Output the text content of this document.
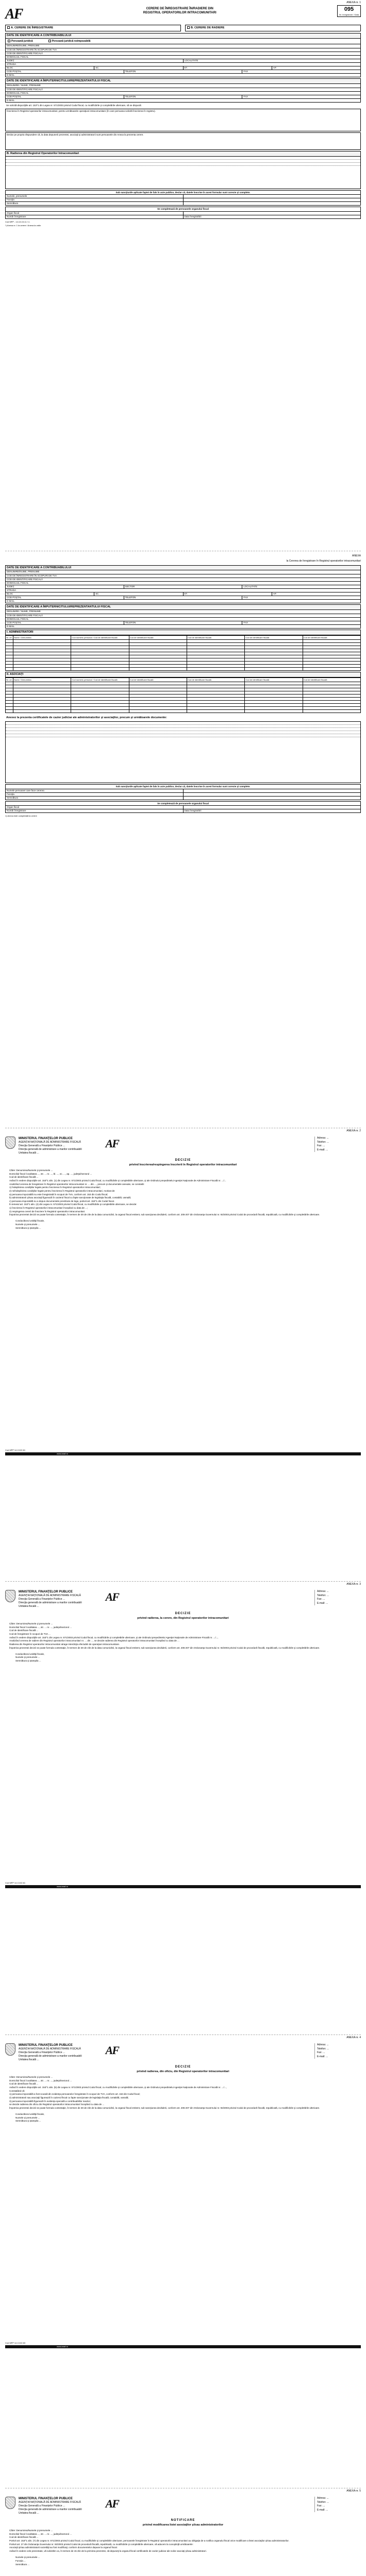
ANEXA nr. 1
AF	CERERE DE ÎNREGISTRARE ÎN/RADIERE DIN
REGISTRUL OPERATORILOR INTRACOMUNITARI
095
Nr. înregistrare / Data
A. CERERE DE ÎNREGISTRARE	B. CERERE DE RADIERE
DATE DE IDENTIFICARE A CONTRIBUABILULUI
Persoană juridică	Persoană juridică neimpozabilă
DENUMIRE/NUME, PRENUME
COD DE ÎNREGISTRARE ÎN SCOPURI DE TVA
COD DE IDENTIFICARE FISCALĂ
DOMICILIUL FISCAL
JUDEŢ	LOCALITATE
STRADA
BLOC	SC.	ET.	AP.
COD POŞTAL	TELEFON	FAX
E-MAIL
DATE DE IDENTIFICARE A ÎMPUTERNICITULUI/REPREZENTANTULUI FISCAL
DENUMIRE / NUME, PRENUME
COD DE IDENTIFICARE FISCALĂ
DOMICILIUL FISCAL
COD POŞTAL	TELEFON	FAX
E-MAIL
Se solicită dispoziţiile art. 153^1 din Legea nr. 571/2003 privind Codul fiscal, cu modificările şi completările ulterioare, să se dispună:
Înscrierea în Registrul operatorilor intracomunitari, pentru următoarele operaţiuni intracomunitare (în care persoana solicită înscrierea în registru).
Declar pe propria răspundere că, la data depunerii prezentei, asociaţii şi administratorii sunt persoanele din Anexa la prezenta cerere.
B. Radierea din Registrul Operatorilor Intracomunitari
Sub sancţiunile aplicate faptei de fals în acte publice, declar că, datele înscrise în acest formular sunt corecte şi complete.
Numele, prenumele
Funcţia
Semnătura
Se completează de persoanele organului fiscal
Organ fiscal
Număr înregistrare	Data înregistrării
Cod MFP - 14.13.15.11 / i.i.
*) Anexa nr. 1 la cerere / Anexa la ordin
ANEXA
la Cererea de înregistrare în Registrul operatorilor intracomunitari
DATE DE IDENTIFICARE A CONTRIBUABILULUI
DENUMIRE/NUME, PRENUME
COD DE ÎNREGISTRARE ÎN SCOPURI DE TVA
COD DE IDENTIFICARE FISCALĂ
DOMICILIUL FISCAL
JUDEŢ	SECTOR	LOCALITATE
STRADA
BLOC	SC.	ET.	AP.
COD POŞTAL	TELEFON	FAX
E-MAIL
DATE DE IDENTIFICARE A ÎMPUTERNICITULUI/REPREZENTANTULUI FISCAL
DENUMIRE / NUME, PRENUME
COD DE IDENTIFICARE FISCALĂ
DOMICILIUL FISCAL
COD POŞTAL	TELEFON	FAX
E-MAIL
I. ADMINISTRATORI
Nr. crt. Nume / Denumirea	Cod numeric personal / Cod de identificare fiscală	Cod de identificare fiscală	Cod de identificare fiscală	Cod de identificare fiscală	Cod de identificare fiscală
II. ASOCIAŢI
Nr. crt. Nume / Denumirea	Cod numeric personal / Cod de identificare fiscală	Cod de identificare fiscală	Cod de identificare fiscală	Cod de identificare fiscală	Cod de identificare fiscală
Anexez la prezenta certificatele de cazier judiciar ale administratorilor şi asociaţilor, precum şi următoarele documente:
Sub sancţiunile aplicate faptei de fals în acte publice, declar că, datele înscrise în acest formular sunt corecte şi complete.
Numele persoanei care face cererea
Funcţia
Semnătura
Se completează de persoanele organului fiscal
Organ fiscal
Număr înregistrare	Data înregistrării
1) Anexa este completată la cerere
ANEXA nr. 2
MINISTERUL FINANŢELOR PUBLICE
AGENŢIA NAŢIONALĂ DE ADMINISTRARE FISCALĂ
Direcţia Generală a Finanţelor Publice ...
Direcţia generală de administrare a marilor contribuabili
Unitatea fiscală ...
AF	Adresa: ...
Telefon: ...
Fax: ...
E-mail: ...
DECIZIE
privind înscrierea/respingerea înscrierii în Registrul operatorilor intracomunitari
Către: Denumirea/Numele şi prenumele ...
Domiciliul fiscal: localitatea ..., str. ... nr. ..., bl. ..., sc. ..., ap. ..., judeţul/sectorul ...
Cod de identificare fiscală ...
Având în vedere dispoziţiile art. 153^1 alin. (1) din Legea nr. 571/2003 privind Codul fiscal, cu modificările şi completările ulterioare, şi ale Ordinului preşedintelui Agenţiei Naţionale de Administrare Fiscală nr. .../...
Analizând cererea de înregistrare în Registrul operatorilor intracomunitari nr. ... din ..., precum şi documentele anexate, se constată:
1) îndeplinirea condiţiilor legale pentru înscrierea în Registrul operatorilor intracomunitari;
2) neîndeplinirea condiţiilor legale pentru înscrierea în Registrul operatorilor intracomunitari, motivat de:
a) persoana impozabilă nu este înregistrată în scopuri de TVA, conform art. 153 din Codul fiscal;
b) administratorii şi/sau asociaţii figurează în cazierul fiscal cu fapte sancţionate de legislaţia fiscală, contabilă, vamală;
c) persoana impozabilă nu a depus documentele prevăzute de lege, potrivit art. 153^1 din Codul fiscal.
În temeiul art. 153^1 alin. (4) din Legea nr. 571/2003 privind Codul fiscal, cu modificările şi completările ulterioare, se decide:
1) înscrierea în Registrul operatorilor intracomunitari începând cu data de ...;
2) respingerea cererii de înscriere în Registrul operatorilor intracomunitari.
Împotriva prezentei decizii se poate formula contestaţie, în termen de 30 de zile de la data comunicării, la organul fiscal emitent, sub sancţiunea decăderii, conform art. 205-207 din Ordonanţa Guvernului nr. 92/2003 privind Codul de procedură fiscală, republicată, cu modificările şi completările ulterioare.
Conducătorul unităţii fiscale,
Numele şi prenumele ...
Semnătura şi ştampila ...
Cod MFP 14.13.02.61
www.anaf.ro
ANEXA nr. 3
MINISTERUL FINANŢELOR PUBLICE
AGENŢIA NAŢIONALĂ DE ADMINISTRARE FISCALĂ
Direcţia Generală a Finanţelor Publice ...
Direcţia generală de administrare a marilor contribuabili
Unitatea fiscală ...
AF	Adresa: ...
Telefon: ...
Fax: ...
E-mail: ...
DECIZIE
privind radierea, la cerere, din Registrul operatorilor intracomunitari
Către: Denumirea/Numele şi prenumele ...
Domiciliul fiscal: localitatea ..., str. ... nr. ..., judeţul/sectorul ...
Cod de identificare fiscală ...
Cod de înregistrare în scopuri de TVA ...
Având în vedere dispoziţiile art. 153^1 din Legea nr. 571/2003 privind Codul fiscal, cu modificările şi completările ulterioare, şi ale Ordinului preşedintelui Agenţiei Naţionale de Administrare Fiscală nr. .../...,
Analizând cererea de radiere din Registrul operatorilor intracomunitari nr. ... din ..., se decide radierea din Registrul operatorilor intracomunitari începând cu data de ...
Radierea din Registrul operatorilor intracomunitari atrage interdicţia efectuării de operaţiuni intracomunitare.
Împotriva prezentei decizii se poate formula contestaţie, în termen de 30 de zile de la data comunicării, la organul fiscal emitent, sub sancţiunea decăderii, conform art. 205-207 din Ordonanţa Guvernului nr. 92/2003 privind Codul de procedură fiscală, republicată, cu modificările şi completările ulterioare.
Conducătorul unităţii fiscale,
Numele şi prenumele ...
Semnătura şi ştampila ...
Cod MFP 14.13.02.61
www.anaf.ro
ANEXA nr. 4
MINISTERUL FINANŢELOR PUBLICE
AGENŢIA NAŢIONALĂ DE ADMINISTRARE FISCALĂ
Direcţia Generală a Finanţelor Publice ...
Direcţia generală de administrare a marilor contribuabili
Unitatea fiscală ...
AF	Adresa: ...
Telefon: ...
Fax: ...
E-mail: ...
DECIZIE
privind radierea, din oficiu, din Registrul operatorilor intracomunitari
Către: Denumirea/Numele şi prenumele ...
Domiciliul fiscal: localitatea ..., str. ... nr. ..., judeţul/sectorul ...
Cod de identificare fiscală ...
Având în vedere dispoziţiile art. 153^1 alin. (5) din Legea nr. 571/2003 privind Codul fiscal, cu modificările şi completările ulterioare, şi ale Ordinului preşedintelui Agenţiei Naţionale de Administrare Fiscală nr. .../...,
Constatând că:
1) persoana impozabilă a fost scoasă din evidenţa persoanelor înregistrate în scopuri de TVA, conform art. 153 din Codul fiscal;
2) administratorii sau asociaţii figurează în cazierul fiscal cu fapte sancţionate de legislaţia fiscală, contabilă, vamală;
3) persoana impozabilă figurează în evidenţa specială a contribuabililor inactivi;
se decide radierea din oficiu din Registrul operatorilor intracomunitari începând cu data de ...
Împotriva prezentei decizii se poate formula contestaţie, în termen de 30 de zile de la data comunicării, la organul fiscal emitent, sub sancţiunea decăderii, conform art. 205-207 din Ordonanţa Guvernului nr. 92/2003 privind Codul de procedură fiscală, republicată, cu modificările şi completările ulterioare.
Conducătorul unităţii fiscale,
Numele şi prenumele ...
Semnătura şi ştampila ...
Cod MFP 14.13.02.63
www.anaf.ro
ANEXA nr. 5
MINISTERUL FINANŢELOR PUBLICE
AGENŢIA NAŢIONALĂ DE ADMINISTRARE FISCALĂ
Direcţia Generală a Finanţelor Publice ...
Direcţia generală de administrare a marilor contribuabili
Unitatea fiscală ...
AF	Adresa: ...
Telefon: ...
Fax: ...
E-mail: ...
NOTIFICARE
privind modificarea listei asociaţilor şi/sau administratorilor
Către: Denumirea/Numele şi prenumele ...
Domiciliul fiscal: localitatea ..., str. ... nr. ..., judeţul/sectorul ...
Cod de identificare fiscală ...
Potrivit art. 153^1 alin. (7) din Legea nr. 571/2003 privind Codul fiscal, cu modificările şi completările ulterioare, persoanele înregistrate în Registrul operatorilor intracomunitari au obligaţia de a notifica organului fiscal orice modificare a listei asociaţilor şi/sau administratorilor.
Potrivit art. 27 din Ordonanţa Guvernului nr. 92/2003 privind Codul de procedură fiscală, republicată, cu modificările şi completările ulterioare, vă aducem la cunoştinţă următoarele:
Asociaţii şi/sau administratorii societăţii au fost modificaţi, conform documentelor depuse la organul fiscal.
Având în vedere cele prezentate, vă solicităm ca, în termen de 15 zile de la primirea prezentei, să depuneţi la organul fiscal certificatele de cazier judiciar ale noilor asociaţi şi/sau administratori.
Numele şi prenumele ...
Funcţia ...
Semnătura ...
